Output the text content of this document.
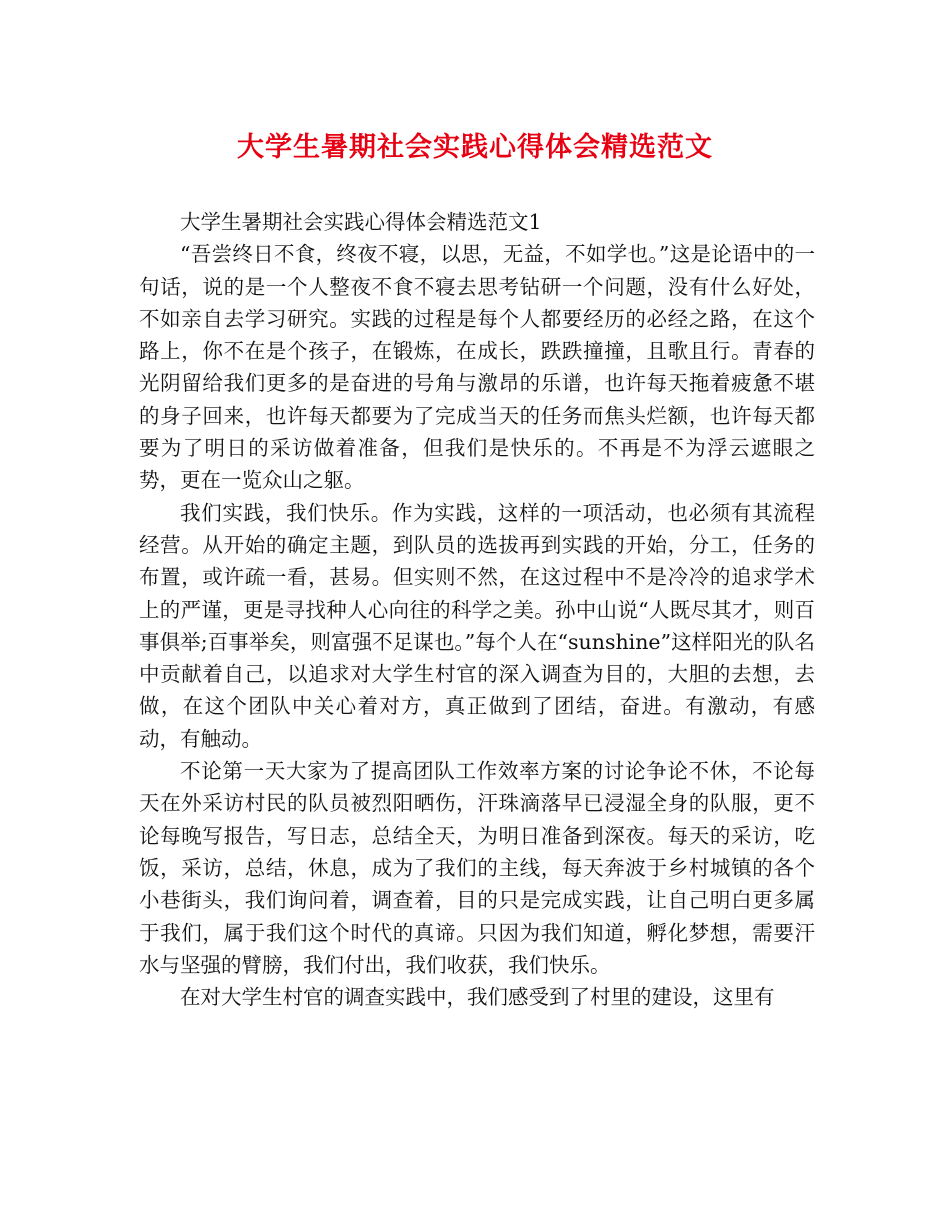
大学生暑期社会实践心得体会精选范文

大学生暑期社会实践心得体会精选范文1

“吾尝终日不食，终夜不寝，以思，无益，不如学也。”这是论语中的一句话，说的是一个人整夜不食不寝去思考钻研一个问题，没有什么好处，不如亲自去学习研究。实践的过程是每个人都要经历的必经之路，在这个路上，你不在是个孩子，在锻炼，在成长，跌跌撞撞，且歌且行。青春的光阴留给我们更多的是奋进的号角与激昂的乐谱，也许每天拖着疲惫不堪的身子回来，也许每天都要为了完成当天的任务而焦头烂额，也许每天都要为了明日的采访做着准备，但我们是快乐的。不再是不为浮云遮眼之势，更在一览众山之躯。

我们实践，我们快乐。作为实践，这样的一项活动，也必须有其流程经营。从开始的确定主题，到队员的选拔再到实践的开始，分工，任务的布置，或许疏一看，甚易。但实则不然，在这过程中不是冷冷的追求学术上的严谨，更是寻找种人心向往的科学之美。孙中山说“人既尽其才，则百事俱举;百事举矣，则富强不足谋也。”每个人在“sunshine”这样阳光的队名中贡献着自己，以追求对大学生村官的深入调查为目的，大胆的去想，去做，在这个团队中关心着对方，真正做到了团结，奋进。有激动，有感动，有触动。

不论第一天大家为了提高团队工作效率方案的讨论争论不休，不论每天在外采访村民的队员被烈阳晒伤，汗珠滴落早已浸湿全身的队服，更不论每晚写报告，写日志，总结全天，为明日准备到深夜。每天的采访，吃饭，采访，总结，休息，成为了我们的主线，每天奔波于乡村城镇的各个小巷街头，我们询问着，调查着，目的只是完成实践，让自己明白更多属于我们，属于我们这个时代的真谛。只因为我们知道，孵化梦想，需要汗水与坚强的臂膀，我们付出，我们收获，我们快乐。

在对大学生村官的调查实践中，我们感受到了村里的建设，这里有
